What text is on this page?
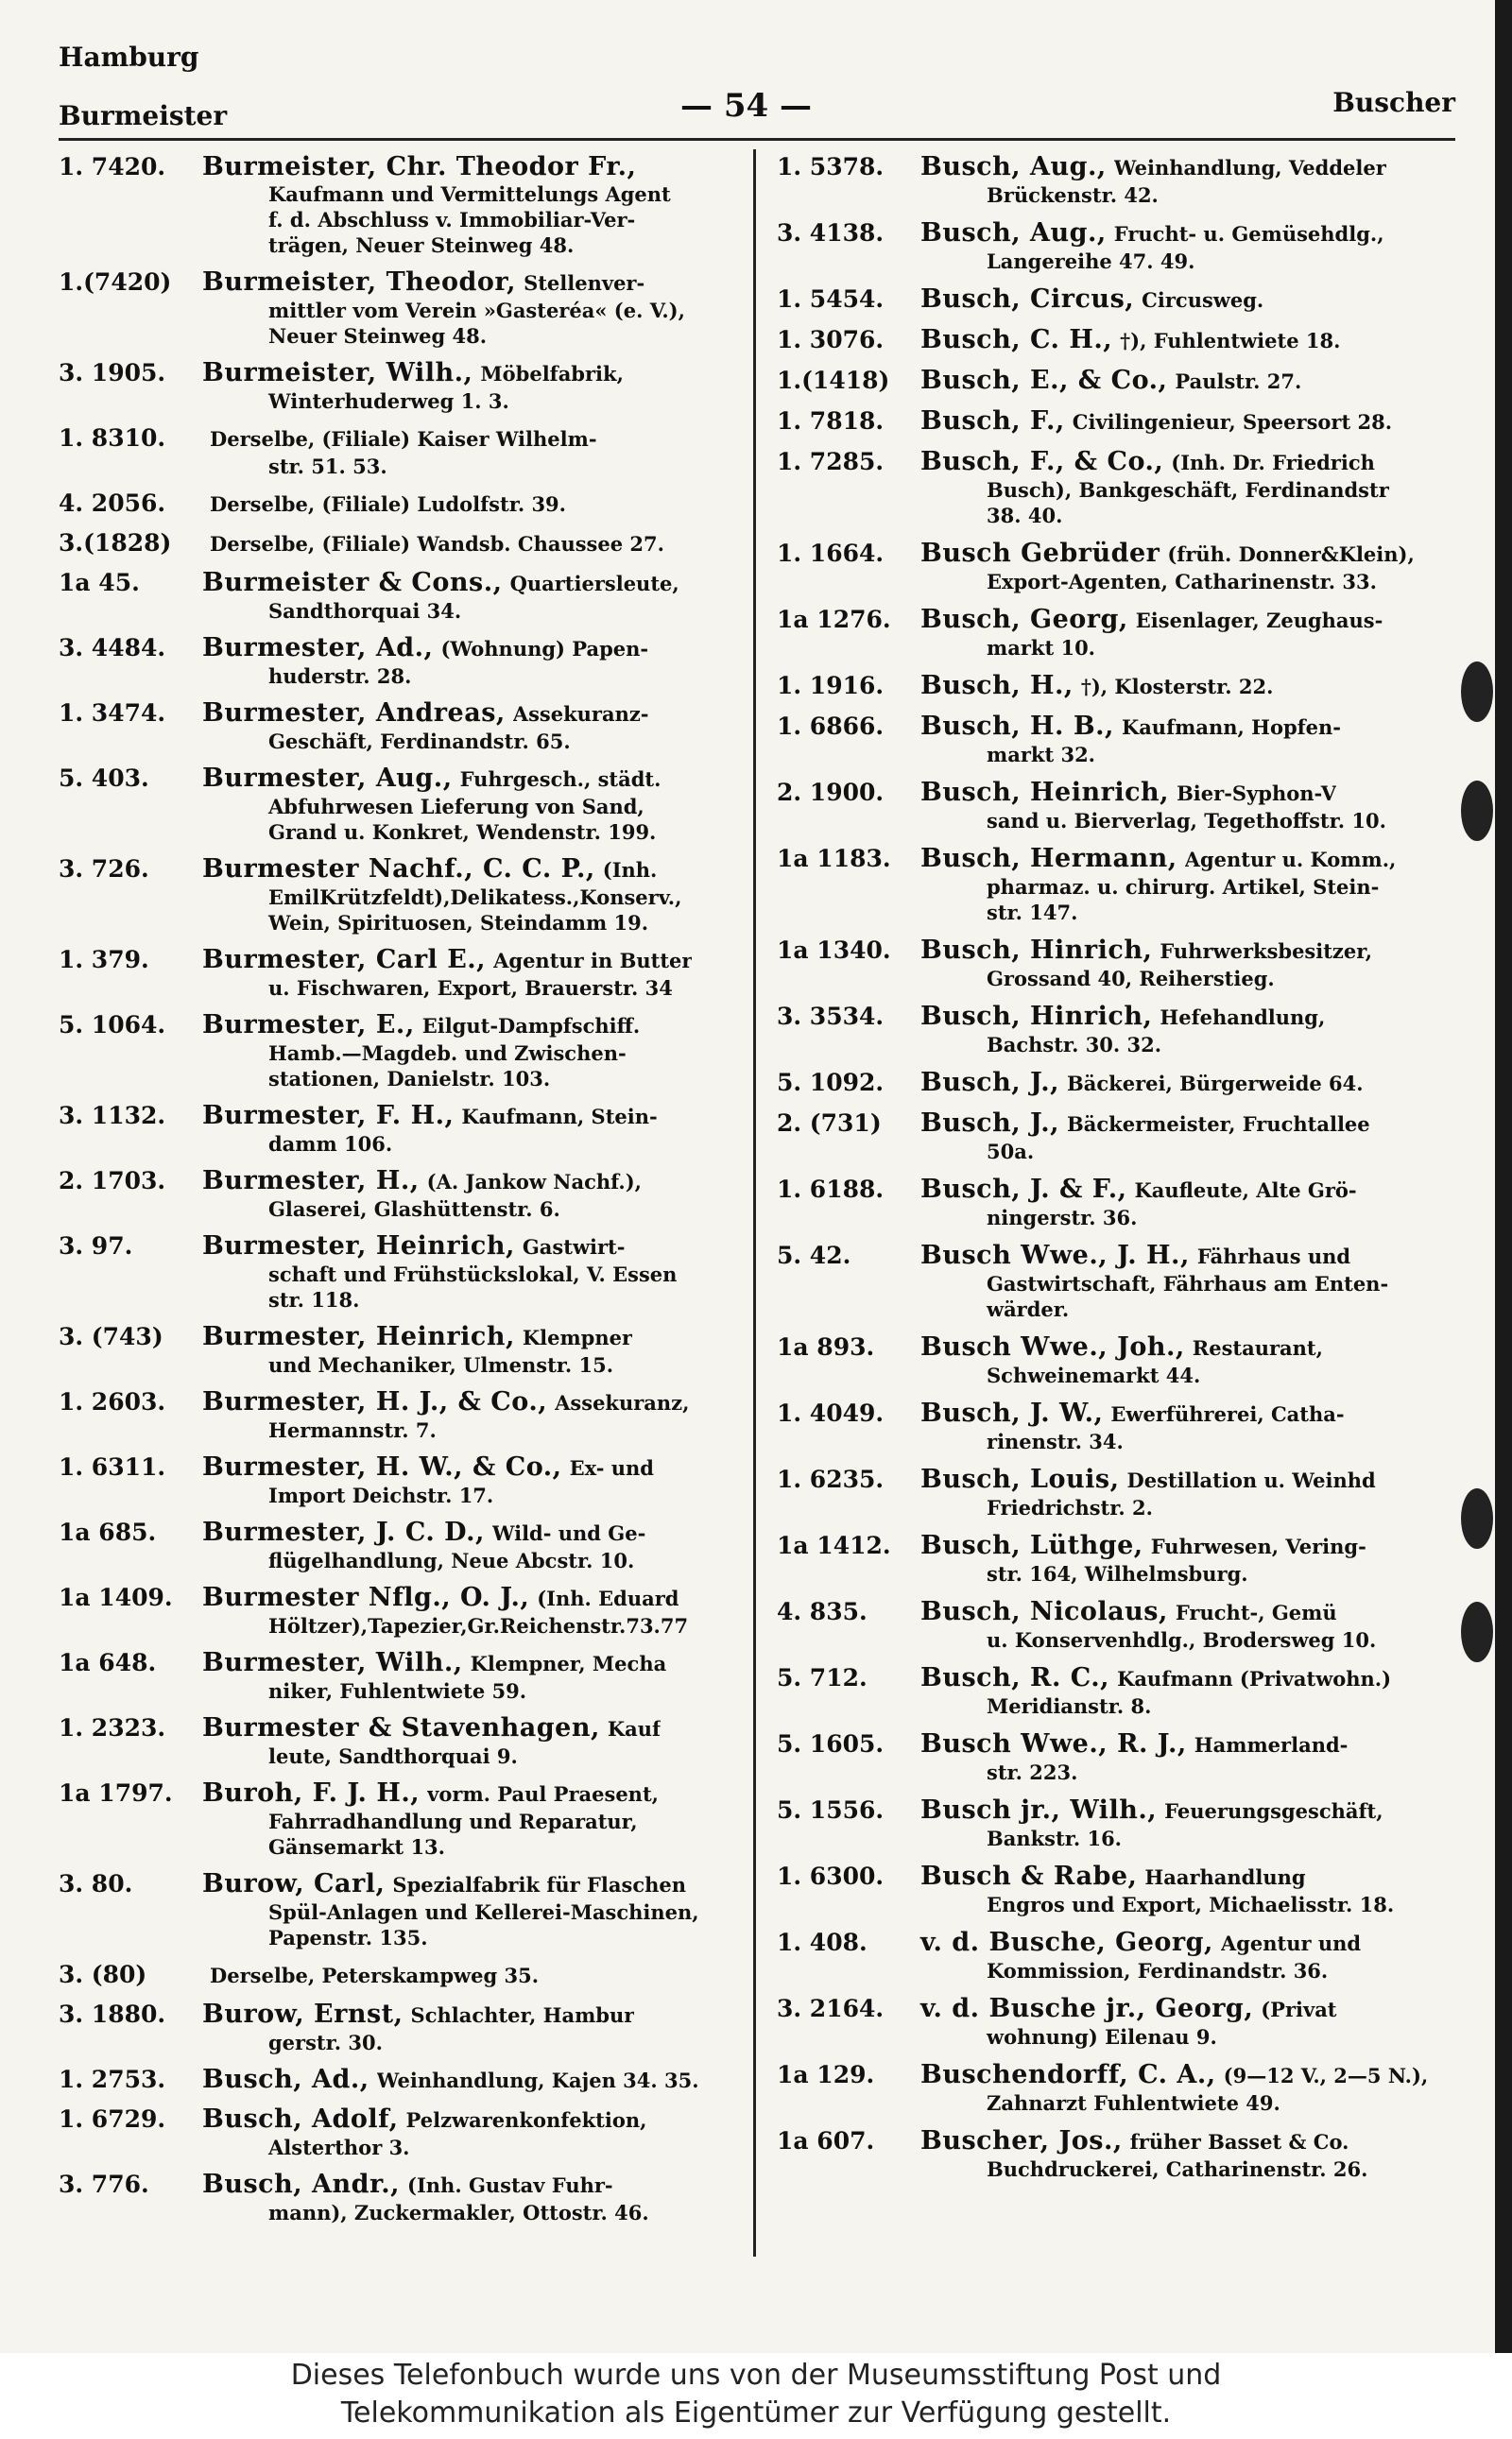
Hamburg
Burmeister	— 54 —	Buscher
1. 7420.	Burmeister, Chr. Theodor Fr.,
Kaufmann und Vermittelungs Agent
f. d. Abschluss v. Immobiliar-Ver-
trägen, Neuer Steinweg 48.
1.(7420)	Burmeister, Theodor, Stellenver-
mittler vom Verein »Gasteréa« (e. V.),
Neuer Steinweg 48.
3. 1905.	Burmeister, Wilh., Möbelfabrik,
Winterhuderweg 1. 3.
1. 8310.	Derselbe, (Filiale) Kaiser Wilhelm-
str. 51. 53.
4. 2056.	Derselbe, (Filiale) Ludolfstr. 39.
3.(1828)	Derselbe, (Filiale) Wandsb. Chaussee 27.
1a 45.	Burmeister & Cons., Quartiersleute,
Sandthorquai 34.
3. 4484.	Burmester, Ad., (Wohnung) Papen-
huderstr. 28.
1. 3474.	Burmester, Andreas, Assekuranz-
Geschäft, Ferdinandstr. 65.
5. 403.	Burmester, Aug., Fuhrgesch., städt.
Abfuhrwesen Lieferung von Sand,
Grand u. Konkret, Wendenstr. 199.
3. 726.	Burmester Nachf., C. C. P., (Inh.
EmilKrützfeldt),Delikatess.,Konserv.,
Wein, Spirituosen, Steindamm 19.
1. 379.	Burmester, Carl E., Agentur in Butter
u. Fischwaren, Export, Brauerstr. 34
5. 1064.	Burmester, E., Eilgut-Dampfschiff.
Hamb.—Magdeb. und Zwischen-
stationen, Danielstr. 103.
3. 1132.	Burmester, F. H., Kaufmann, Stein-
damm 106.
2. 1703.	Burmester, H., (A. Jankow Nachf.),
Glaserei, Glashüttenstr. 6.
3. 97.	Burmester, Heinrich, Gastwirt-
schaft und Frühstückslokal, V. Essen
str. 118.
3. (743)	Burmester, Heinrich, Klempner
und Mechaniker, Ulmenstr. 15.
1. 2603.	Burmester, H. J., & Co., Assekuranz,
Hermannstr. 7.
1. 6311.	Burmester, H. W., & Co., Ex- und
Import Deichstr. 17.
1a 685.	Burmester, J. C. D., Wild- und Ge-
flügelhandlung, Neue Abcstr. 10.
1a 1409.	Burmester Nflg., O. J., (Inh. Eduard
Höltzer),Tapezier,Gr.Reichenstr.73.77
1a 648.	Burmester, Wilh., Klempner, Mecha
niker, Fuhlentwiete 59.
1. 2323.	Burmester & Stavenhagen, Kauf
leute, Sandthorquai 9.
1a 1797.	Buroh, F. J. H., vorm. Paul Praesent,
Fahrradhandlung und Reparatur,
Gänsemarkt 13.
3. 80.	Burow, Carl, Spezialfabrik für Flaschen
Spül-Anlagen und Kellerei-Maschinen,
Papenstr. 135.
3. (80)	Derselbe, Peterskampweg 35.
3. 1880.	Burow, Ernst, Schlachter, Hambur
gerstr. 30.
1. 2753.	Busch, Ad., Weinhandlung, Kajen 34. 35.
1. 6729.	Busch, Adolf, Pelzwarenkonfektion,
Alsterthor 3.
3. 776.	Busch, Andr., (Inh. Gustav Fuhr-
mann), Zuckermakler, Ottostr. 46.
1. 5378.	Busch, Aug., Weinhandlung, Veddeler
Brückenstr. 42.
3. 4138.	Busch, Aug., Frucht- u. Gemüsehdlg.,
Langereihe 47. 49.
1. 5454.	Busch, Circus, Circusweg.
1. 3076.	Busch, C. H., †), Fuhlentwiete 18.
1.(1418)	Busch, E., & Co., Paulstr. 27.
1. 7818.	Busch, F., Civilingenieur, Speersort 28.
1. 7285.	Busch, F., & Co., (Inh. Dr. Friedrich
Busch), Bankgeschäft, Ferdinandstr
38. 40.
1. 1664.	Busch Gebrüder (früh. Donner&Klein),
Export-Agenten, Catharinenstr. 33.
1a 1276.	Busch, Georg, Eisenlager, Zeughaus-
markt 10.
1. 1916.	Busch, H., †), Klosterstr. 22.
1. 6866.	Busch, H. B., Kaufmann, Hopfen-
markt 32.
2. 1900.	Busch, Heinrich, Bier-Syphon-V
sand u. Bierverlag, Tegethoffstr. 10.
1a 1183.	Busch, Hermann, Agentur u. Komm.,
pharmaz. u. chirurg. Artikel, Stein-
str. 147.
1a 1340.	Busch, Hinrich, Fuhrwerksbesitzer,
Grossand 40, Reiherstieg.
3. 3534.	Busch, Hinrich, Hefehandlung,
Bachstr. 30. 32.
5. 1092.	Busch, J., Bäckerei, Bürgerweide 64.
2. (731)	Busch, J., Bäckermeister, Fruchtallee
50a.
1. 6188.	Busch, J. & F., Kaufleute, Alte Grö-
ningerstr. 36.
5. 42.	Busch Wwe., J. H., Fährhaus und
Gastwirtschaft, Fährhaus am Enten-
wärder.
1a 893.	Busch Wwe., Joh., Restaurant,
Schweinemarkt 44.
1. 4049.	Busch, J. W., Ewerführerei, Catha-
rinenstr. 34.
1. 6235.	Busch, Louis, Destillation u. Weinhd
Friedrichstr. 2.
1a 1412.	Busch, Lüthge, Fuhrwesen, Vering-
str. 164, Wilhelmsburg.
4. 835.	Busch, Nicolaus, Frucht-, Gemü
u. Konservenhdlg., Brodersweg 10.
5. 712.	Busch, R. C., Kaufmann (Privatwohn.)
Meridianstr. 8.
5. 1605.	Busch Wwe., R. J., Hammerland-
str. 223.
5. 1556.	Busch jr., Wilh., Feuerungsgeschäft,
Bankstr. 16.
1. 6300.	Busch & Rabe, Haarhandlung
Engros und Export, Michaelisstr. 18.
1. 408.	v. d. Busche, Georg, Agentur und
Kommission, Ferdinandstr. 36.
3. 2164.	v. d. Busche jr., Georg, (Privat
wohnung) Eilenau 9.
1a 129.	Buschendorff, C. A., (9—12 V., 2—5 N.),
Zahnarzt Fuhlentwiete 49.
1a 607.	Buscher, Jos., früher Basset & Co.
Buchdruckerei, Catharinenstr. 26.
Dieses Telefonbuch wurde uns von der Museumsstiftung Post und
Telekommunikation als Eigentümer zur Verfügung gestellt.
